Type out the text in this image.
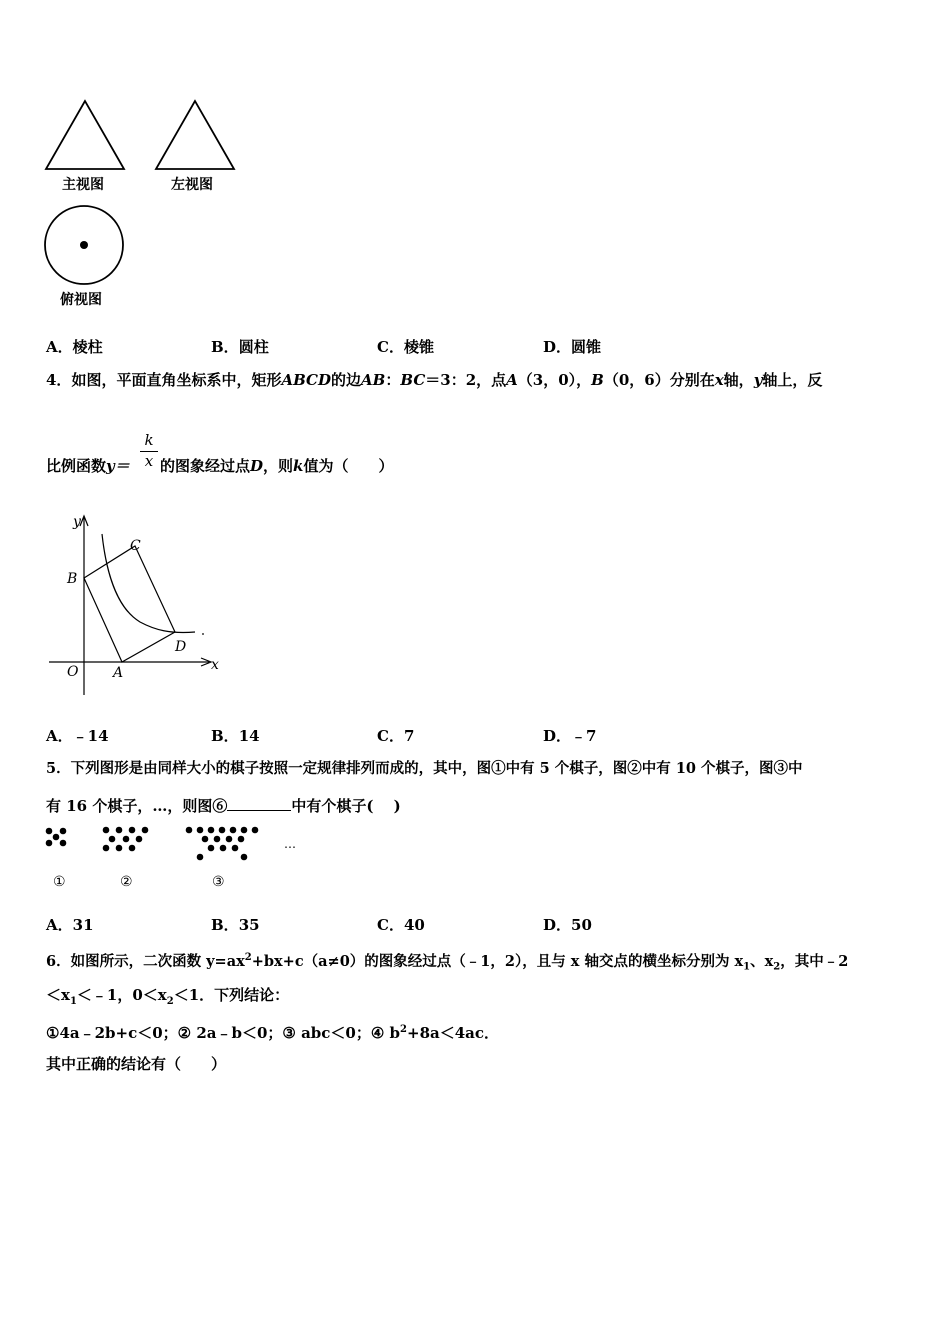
主视图	左视图
俯视图
A．棱柱	B．圆柱	C．棱锥	D．圆锥
4．如图，平面直角坐标系中，矩形ABCD的边AB：BC＝3：2，点A（3，0），B（0，6）分别在x轴，y轴上，反
k
x
比例函数y＝ 的图象经过点D，则k值为（　　）
y
B
C
D
O A	x
A．﹣14	B．14	C．7	D．﹣7
5．下列图形是由同样大小的棋子按照一定规律排列而成的，其中，图①中有 5 个棋子，图②中有 10 个棋子，图③中
有 16 个棋子，…，则图⑥	中有个棋子(　 )
…
①	②	③
A．31	B．35	C．40	D．50
6．如图所示，二次函数 $y=ax^2+bx+c(a\ne 0)$的图象经过点（﹣1，2），且与 x 轴交点的横坐标分别为 $x_1$、$x_2$，其中﹣2
$<x_1<﹣1$，$0<x_2<1$．下列结论：
①4a﹣2b+c＜0；② 2a﹣b＜0；③ abc＜0；④ $b^2+8a<4ac$．
其中正确的结论有（　　）
